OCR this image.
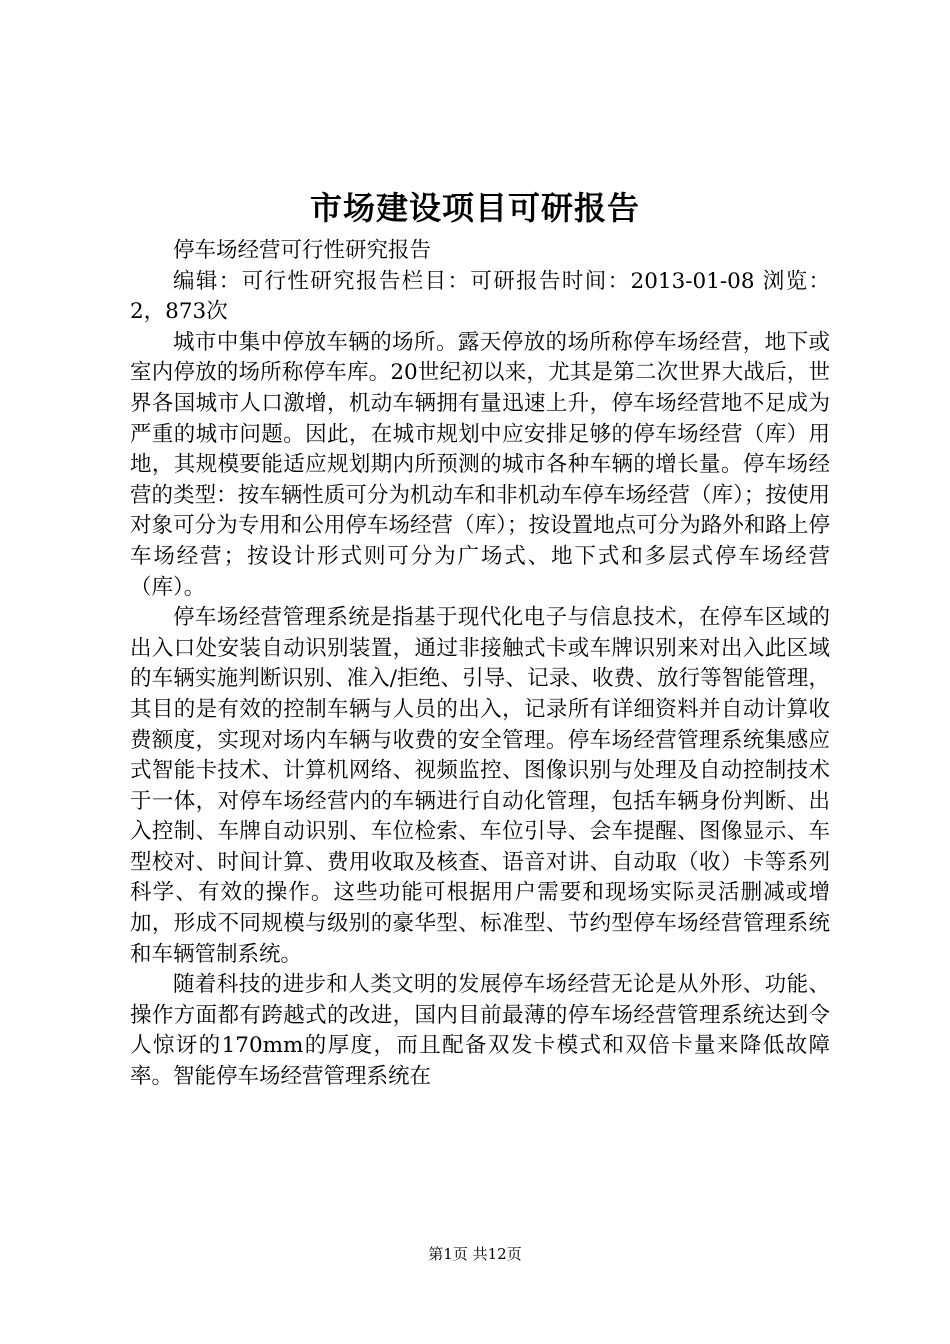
市场建设项目可研报告

停车场经营可行性研究报告

编辑：可行性研究报告栏目：可研报告时间：2013-01-08 浏览：2，873次

城市中集中停放车辆的场所。露天停放的场所称停车场经营，地下或室内停放的场所称停车库。20世纪初以来，尤其是第二次世界大战后，世界各国城市人口激增，机动车辆拥有量迅速上升，停车场经营地不足成为严重的城市问题。因此，在城市规划中应安排足够的停车场经营（库）用地，其规模要能适应规划期内所预测的城市各种车辆的增长量。停车场经营的类型：按车辆性质可分为机动车和非机动车停车场经营（库）；按使用对象可分为专用和公用停车场经营（库）；按设置地点可分为路外和路上停车场经营；按设计形式则可分为广场式、地下式和多层式停车场经营（库）。

停车场经营管理系统是指基于现代化电子与信息技术，在停车区域的出入口处安装自动识别装置，通过非接触式卡或车牌识别来对出入此区域的车辆实施判断识别、准入/拒绝、引导、记录、收费、放行等智能管理，其目的是有效的控制车辆与人员的出入，记录所有详细资料并自动计算收费额度，实现对场内车辆与收费的安全管理。停车场经营管理系统集感应式智能卡技术、计算机网络、视频监控、图像识别与处理及自动控制技术于一体，对停车场经营内的车辆进行自动化管理，包括车辆身份判断、出入控制、车牌自动识别、车位检索、车位引导、会车提醒、图像显示、车型校对、时间计算、费用收取及核查、语音对讲、自动取（收）卡等系列科学、有效的操作。这些功能可根据用户需要和现场实际灵活删减或增加，形成不同规模与级别的豪华型、标准型、节约型停车场经营管理系统和车辆管制系统。

随着科技的进步和人类文明的发展停车场经营无论是从外形、功能、操作方面都有跨越式的改进，国内目前最薄的停车场经营管理系统达到令人惊讶的170mm的厚度，而且配备双发卡模式和双倍卡量来降低故障率。智能停车场经营管理系统在

第1页 共12页
